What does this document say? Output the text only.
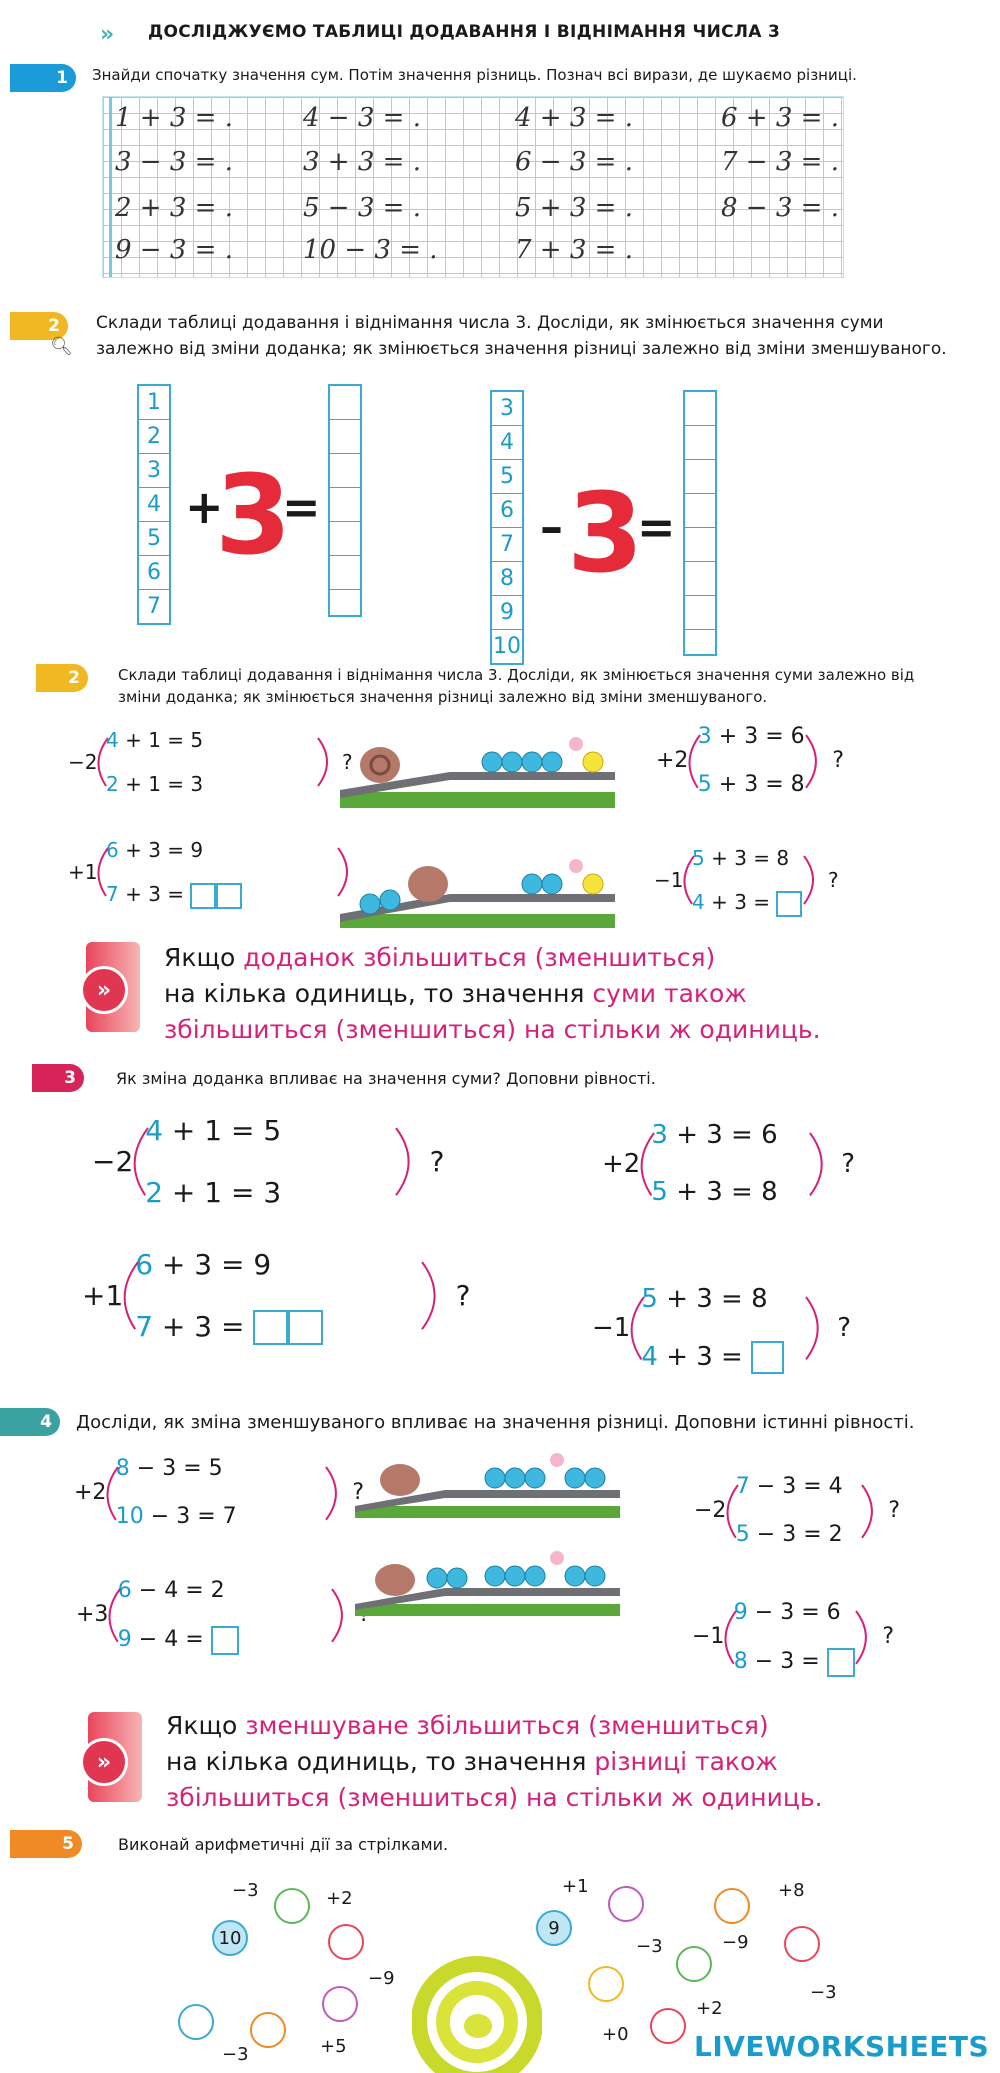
» ДОСЛІДЖУЄМО ТАБЛИЦІ ДОДАВАННЯ І ВІДНІМАННЯ ЧИСЛА 3
1	Знайди спочатку значення сум. Потім значення різниць. Познач всі вирази, де шукаємо різниці.
1 + 3 = .	4 − 3 = .	4 + 3 = .	6 + 3 = .
3 − 3 = .	3 + 3 = .	6 − 3 = .	7 − 3 = .
2 + 3 = .	5 − 3 = .	5 + 3 = .	8 − 3 = .
9 − 3 = .	10 − 3 = .	7 + 3 = .
2
🔍︎
Склади таблиці додавання і віднімання числа 3. Досліди, як змінюється значення суми залежно від зміни доданка; як змінюється значення різниці залежно від зміни зменшуваного.
1
2
3
4
5
6
7
+
3
=
3
4
5
6
7
8
9
10
– 3
=
2	Склади таблиці додавання і віднімання числа 3. Досліди, як змінюється значення суми залежно від зміни доданка; як змінюється значення різниці залежно від зміни зменшуваного.
−2
4 + 1 = 5
2 + 1 = 3
?
+1
6 + 3 = 9
7 + 3 =
+2
3 + 3 = 6
5 + 3 = 8
?
−1
5 + 3 = 8
4 + 3 =
?
»
Якщо доданок збільшиться (зменшиться)
на кілька одиниць, то значення суми також
збільшиться (зменшиться) на стільки ж одиниць.
3	Як зміна доданка впливає на значення суми? Доповни рівності.
−2
4 + 1 = 5
2 + 1 = 3
?	+2
3 + 3 = 6
5 + 3 = 8
?
+1
6 + 3 = 9
7 + 3 =
?
−1
5 + 3 = 8
4 + 3 =
?
4	Досліди, як зміна зменшуваного впливає на значення різниці. Доповни істинні рівності.
+2
8 − 3 = 5
10 − 3 = 7
?
−2
7 − 3 = 4
5 − 3 = 2
?
+3
6 − 4 = 2
9 − 4 =	−1
9 − 3 = 6
8 − 3 =
?
»
Якщо зменшуване збільшиться (зменшиться)
на кілька одиниць, то значення різниці також
збільшиться (зменшиться) на стільки ж одиниць.
5	Виконай арифметичні дії за стрілками.
10
−3	+2
−9
+5
−3
9
+1
−3
+0
+2
−9
+8
−3
LIVEWORKSHEETS
